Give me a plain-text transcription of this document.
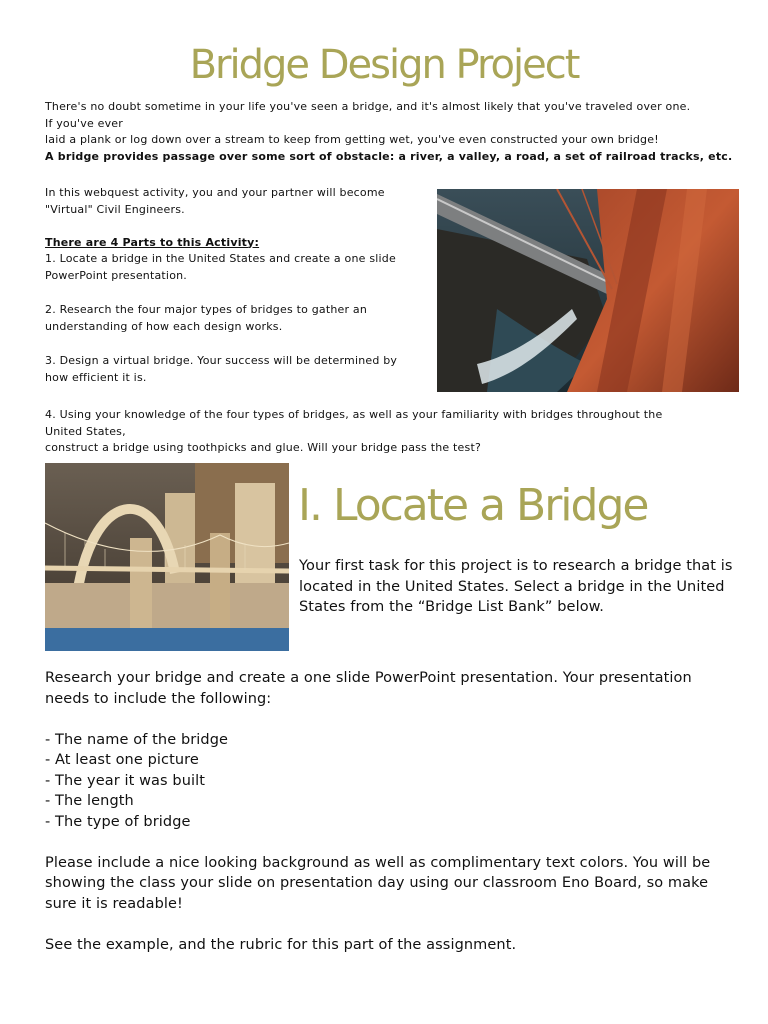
Bridge Design Project
There's no doubt sometime in your life you've seen a bridge, and it's almost likely that you've traveled over one.
If you've ever
laid a plank or log down over a stream to keep from getting wet, you've even constructed your own bridge!
A bridge provides passage over some sort of obstacle: a river, a valley, a road, a set of railroad tracks, etc.
In this webquest activity, you and your partner will become
"Virtual" Civil Engineers.
There are 4 Parts to this Activity:
1. Locate a bridge in the United States and create a one slide
PowerPoint presentation.
2. Research the four major types of bridges to gather an
understanding of how each design works.
3. Design a virtual bridge. Your success will be determined by
how efficient it is.
4. Using your knowledge of the four types of bridges, as well as your familiarity with bridges throughout the
United States,
construct a bridge using toothpicks and glue. Will your bridge pass the test?
I. Locate a Bridge
Your first task for this project is to research a bridge that is
located in the United States. Select a bridge in the United
States from the “Bridge List Bank” below.
Research your bridge and create a one slide PowerPoint presentation. Your presentation
needs to include the following:
- The name of the bridge
- At least one picture
- The year it was built
- The length
- The type of bridge
Please include a nice looking background as well as complimentary text colors. You will be
showing the class your slide on presentation day using our classroom Eno Board, so make
sure it is readable!
See the example, and the rubric for this part of the assignment.
